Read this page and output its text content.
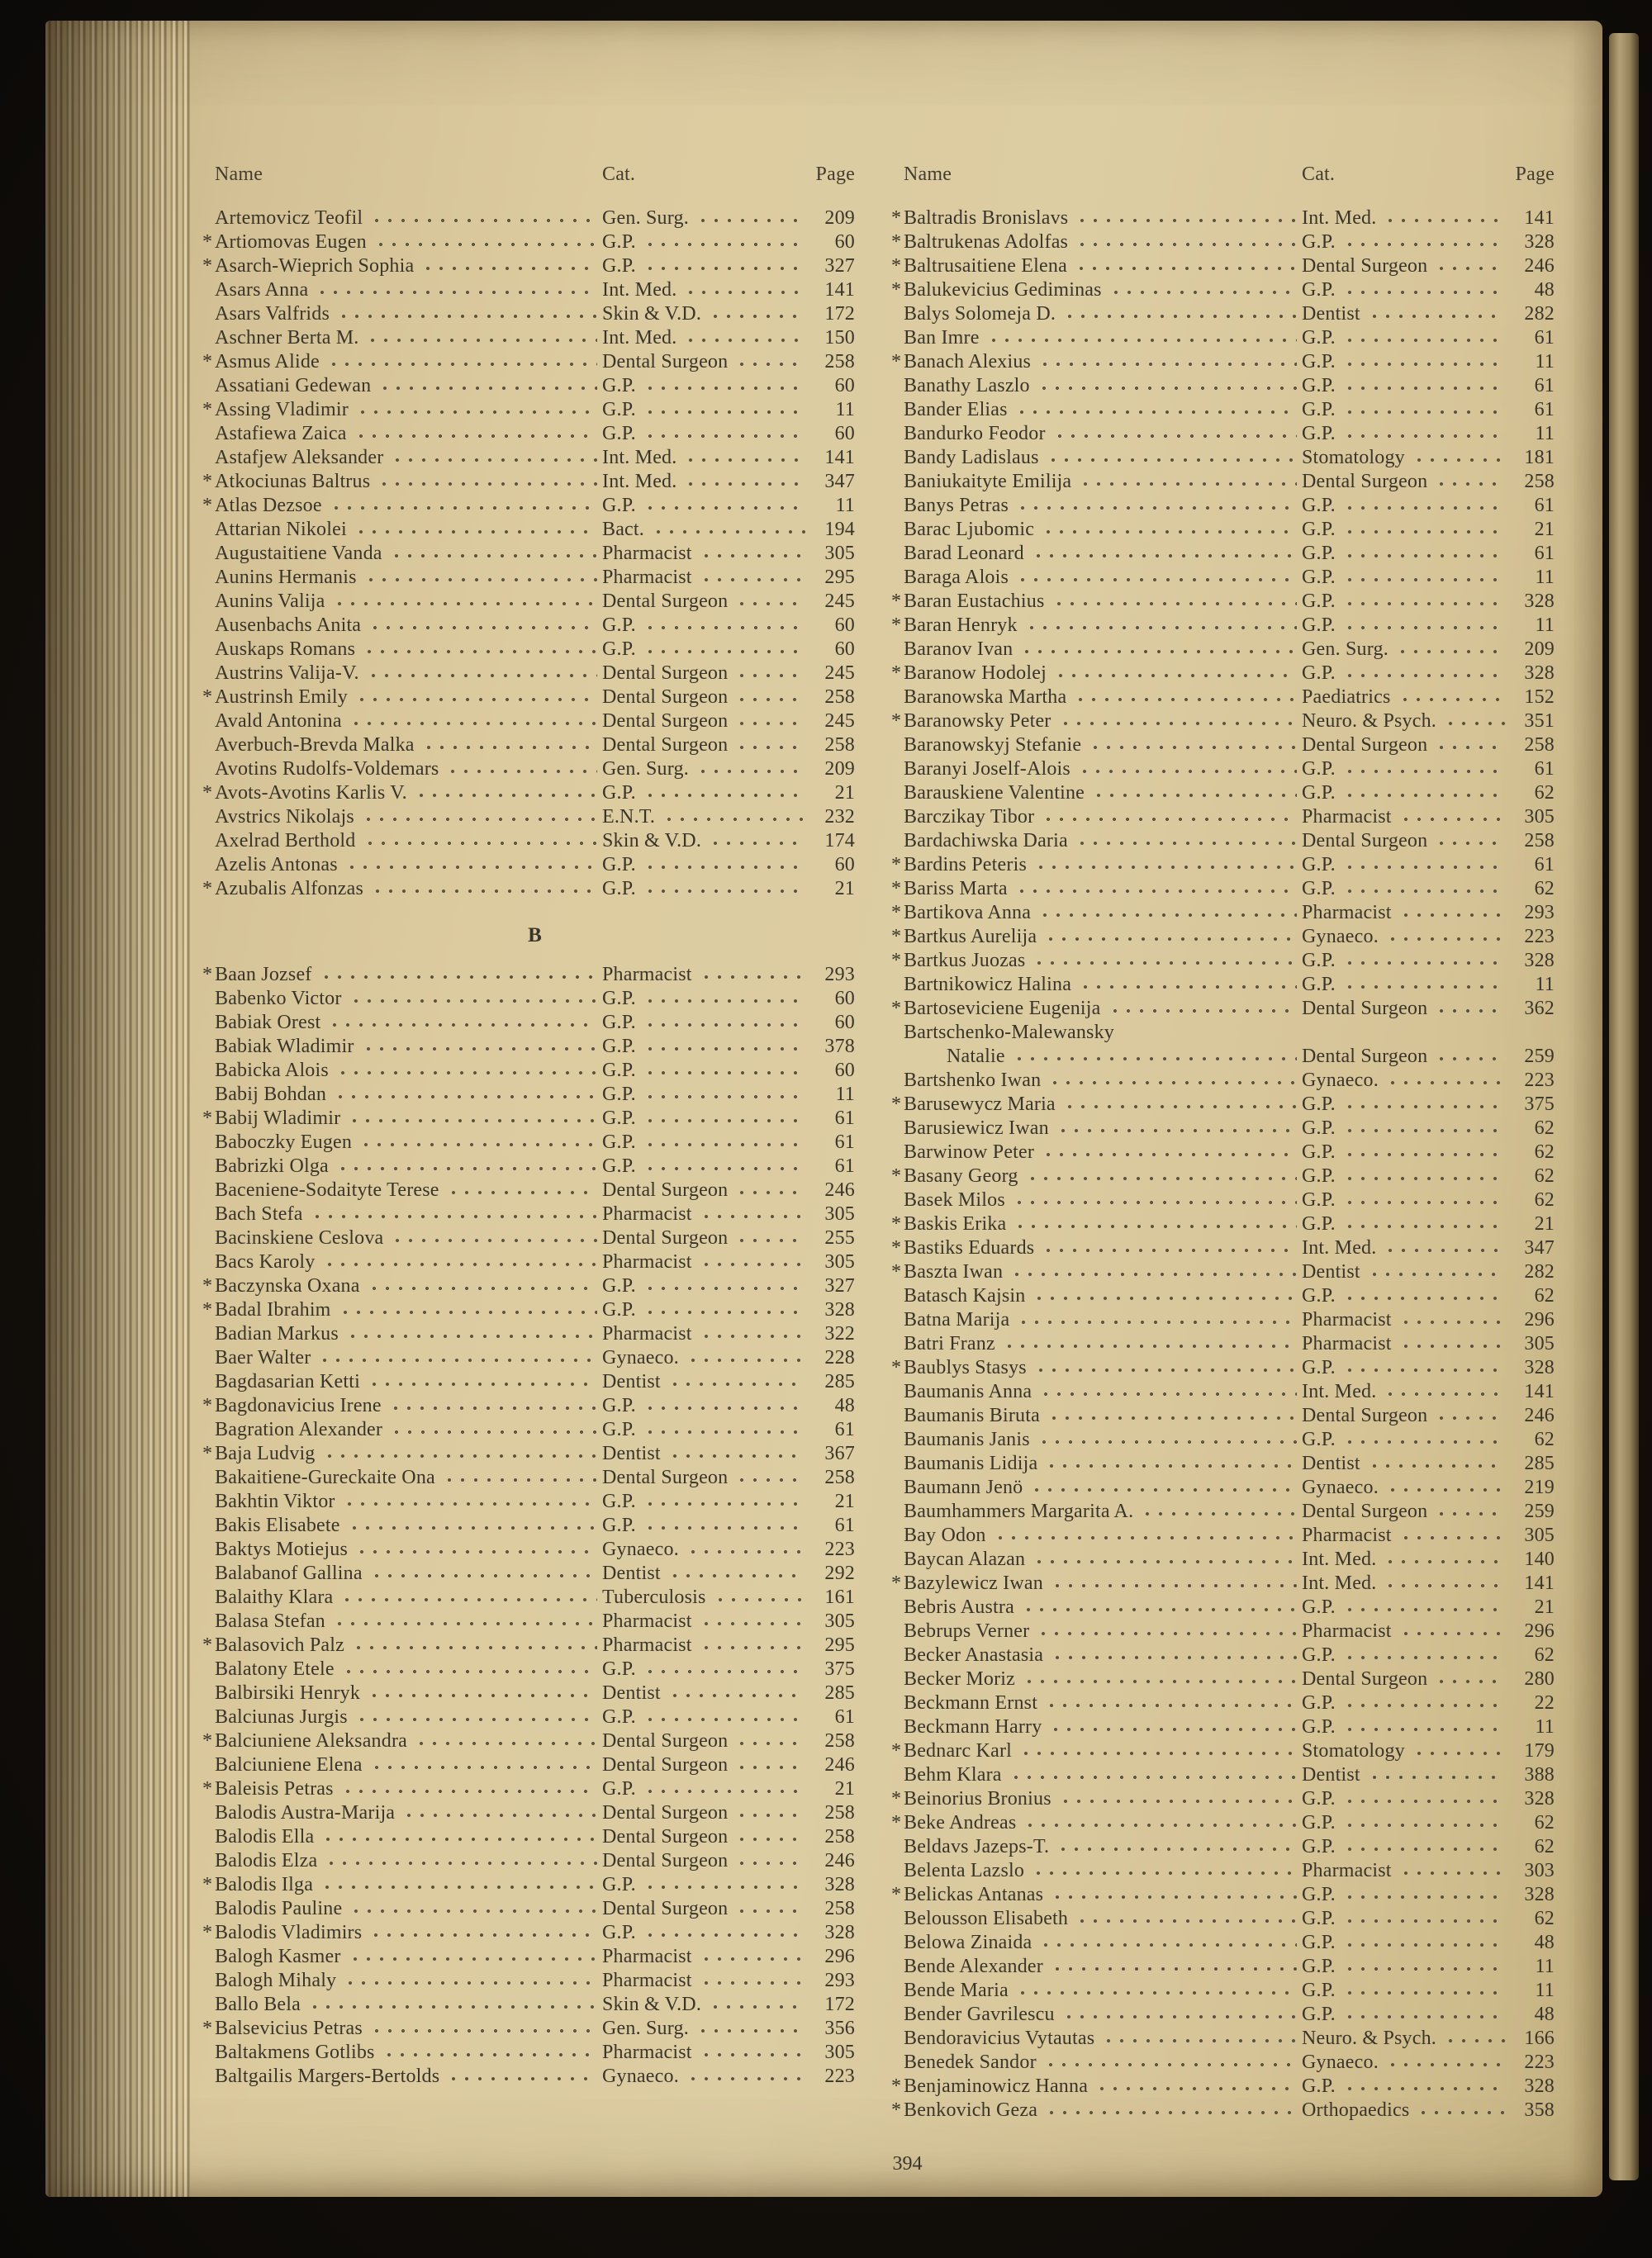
Name	Cat.	Page
Artemovicz Teofil	Gen. Surg.	209
* Artiomovas Eugen	G.P.	60
* Asarch-Wieprich Sophia	G.P.	327
Asars Anna	Int. Med.	141
Asars Valfrids	Skin & V.D.	172
Aschner Berta M.	Int. Med.	150
* Asmus Alide	Dental Surgeon	258
Assatiani Gedewan	G.P.	60
* Assing Vladimir	G.P.	11
Astafiewa Zaica	G.P.	60
Astafjew Aleksander	Int. Med.	141
* Atkociunas Baltrus	Int. Med.	347
* Atlas Dezsoe	G.P.	11
Attarian Nikolei	Bact.	194
Augustaitiene Vanda	Pharmacist	305
Aunins Hermanis	Pharmacist	295
Aunins Valija	Dental Surgeon	245
Ausenbachs Anita	G.P.	60
Auskaps Romans	G.P.	60
Austrins Valija-V.	Dental Surgeon	245
* Austrinsh Emily	Dental Surgeon	258
Avald Antonina	Dental Surgeon	245
Averbuch-Brevda Malka	Dental Surgeon	258
Avotins Rudolfs-Voldemars	Gen. Surg.	209
* Avots-Avotins Karlis V.	G.P.	21
Avstrics Nikolajs	E.N.T.	232
Axelrad Berthold	Skin & V.D.	174
Azelis Antonas	G.P.	60
* Azubalis Alfonzas	G.P.	21
B
* Baan Jozsef	Pharmacist	293
Babenko Victor	G.P.	60
Babiak Orest	G.P.	60
Babiak Wladimir	G.P.	378
Babicka Alois	G.P.	60
Babij Bohdan	G.P.	11
* Babij Wladimir	G.P.	61
Baboczky Eugen	G.P.	61
Babrizki Olga	G.P.	61
Baceniene-Sodaityte Terese	Dental Surgeon	246
Bach Stefa	Pharmacist	305
Bacinskiene Ceslova	Dental Surgeon	255
Bacs Karoly	Pharmacist	305
* Baczynska Oxana	G.P.	327
* Badal Ibrahim	G.P.	328
Badian Markus	Pharmacist	322
Baer Walter	Gynaeco.	228
Bagdasarian Ketti	Dentist	285
* Bagdonavicius Irene	G.P.	48
Bagration Alexander	G.P.	61
* Baja Ludvig	Dentist	367
Bakaitiene-Gureckaite Ona	Dental Surgeon	258
Bakhtin Viktor	G.P.	21
Bakis Elisabete	G.P.	61
Baktys Motiejus	Gynaeco.	223
Balabanof Gallina	Dentist	292
Balaithy Klara	Tuberculosis	161
Balasa Stefan	Pharmacist	305
* Balasovich Palz	Pharmacist	295
Balatony Etele	G.P.	375
Balbirsiki Henryk	Dentist	285
Balciunas Jurgis	G.P.	61
* Balciuniene Aleksandra	Dental Surgeon	258
Balciuniene Elena	Dental Surgeon	246
* Baleisis Petras	G.P.	21
Balodis Austra-Marija	Dental Surgeon	258
Balodis Ella	Dental Surgeon	258
Balodis Elza	Dental Surgeon	246
* Balodis Ilga	G.P.	328
Balodis Pauline	Dental Surgeon	258
* Balodis Vladimirs	G.P.	328
Balogh Kasmer	Pharmacist	296
Balogh Mihaly	Pharmacist	293
Ballo Bela	Skin & V.D.	172
* Balsevicius Petras	Gen. Surg.	356
Baltakmens Gotlibs	Pharmacist	305
Baltgailis Margers-Bertolds	Gynaeco.	223
Name	Cat.	Page
* Baltradis Bronislavs	Int. Med.	141
* Baltrukenas Adolfas	G.P.	328
* Baltrusaitiene Elena	Dental Surgeon	246
* Balukevicius Gediminas	G.P.	48
Balys Solomeja D.	Dentist	282
Ban Imre	G.P.	61
* Banach Alexius	G.P.	11
Banathy Laszlo	G.P.	61
Bander Elias	G.P.	61
Bandurko Feodor	G.P.	11
Bandy Ladislaus	Stomatology	181
Baniukaityte Emilija	Dental Surgeon	258
Banys Petras	G.P.	61
Barac Ljubomic	G.P.	21
Barad Leonard	G.P.	61
Baraga Alois	G.P.	11
* Baran Eustachius	G.P.	328
* Baran Henryk	G.P.	11
Baranov Ivan	Gen. Surg.	209
* Baranow Hodolej	G.P.	328
Baranowska Martha	Paediatrics	152
* Baranowsky Peter	Neuro. & Psych.	351
Baranowskyj Stefanie	Dental Surgeon	258
Baranyi Joself-Alois	G.P.	61
Barauskiene Valentine	G.P.	62
Barczikay Tibor	Pharmacist	305
Bardachiwska Daria	Dental Surgeon	258
* Bardins Peteris	G.P.	61
* Bariss Marta	G.P.	62
* Bartikova Anna	Pharmacist	293
* Bartkus Aurelija	Gynaeco.	223
* Bartkus Juozas	G.P.	328
Bartnikowicz Halina	G.P.	11
* Bartoseviciene Eugenija	Dental Surgeon	362
Bartschenko-Malewansky
Natalie	Dental Surgeon	259
Bartshenko Iwan	Gynaeco.	223
* Barusewycz Maria	G.P.	375
Barusiewicz Iwan	G.P.	62
Barwinow Peter	G.P.	62
* Basany Georg	G.P.	62
Basek Milos	G.P.	62
* Baskis Erika	G.P.	21
* Bastiks Eduards	Int. Med.	347
* Baszta Iwan	Dentist	282
Batasch Kajsin	G.P.	62
Batna Marija	Pharmacist	296
Batri Franz	Pharmacist	305
* Baublys Stasys	G.P.	328
Baumanis Anna	Int. Med.	141
Baumanis Biruta	Dental Surgeon	246
Baumanis Janis	G.P.	62
Baumanis Lidija	Dentist	285
Baumann Jenö	Gynaeco.	219
Baumhammers Margarita A.	Dental Surgeon	259
Bay Odon	Pharmacist	305
Baycan Alazan	Int. Med.	140
* Bazylewicz Iwan	Int. Med.	141
Bebris Austra	G.P.	21
Bebrups Verner	Pharmacist	296
Becker Anastasia	G.P.	62
Becker Moriz	Dental Surgeon	280
Beckmann Ernst	G.P.	22
Beckmann Harry	G.P.	11
* Bednarc Karl	Stomatology	179
Behm Klara	Dentist	388
* Beinorius Bronius	G.P.	328
* Beke Andreas	G.P.	62
Beldavs Jazeps-T.	G.P.	62
Belenta Lazslo	Pharmacist	303
* Belickas Antanas	G.P.	328
Belousson Elisabeth	G.P.	62
Belowa Zinaida	G.P.	48
Bende Alexander	G.P.	11
Bende Maria	G.P.	11
Bender Gavrilescu	G.P.	48
Bendoravicius Vytautas	Neuro. & Psych.	166
Benedek Sandor	Gynaeco.	223
* Benjaminowicz Hanna	G.P.	328
* Benkovich Geza	Orthopaedics	358
394
